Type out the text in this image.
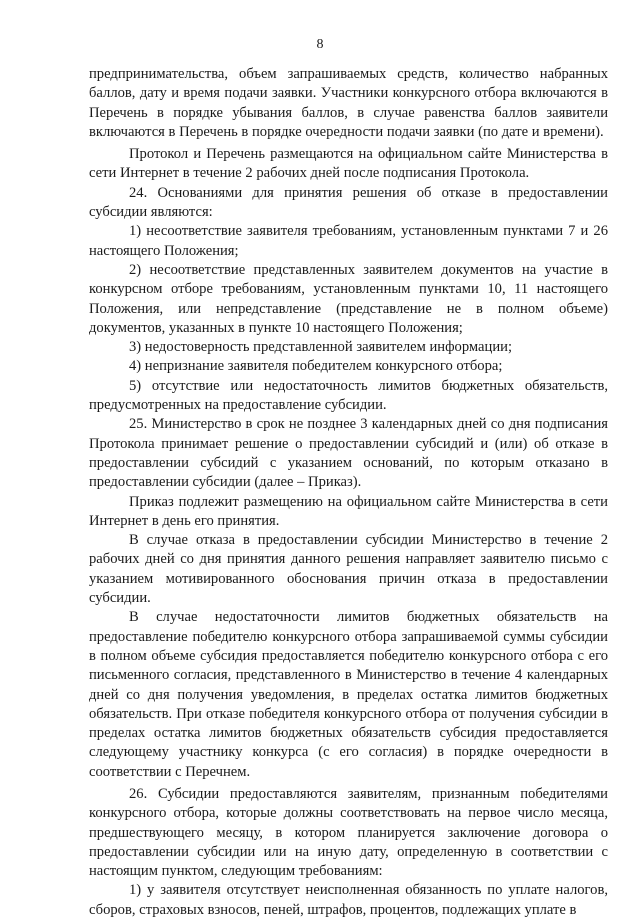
8

предпринимательства, объем запрашиваемых средств, количество набранных баллов, дату и время подачи заявки. Участники конкурсного отбора включаются в Перечень в порядке убывания баллов, в случае равенства баллов заявители включаются в Перечень в порядке очередности подачи заявки (по дате и времени).

Протокол и Перечень размещаются на официальном сайте Министерства в сети Интернет в течение 2 рабочих дней после подписания Протокола.

24. Основаниями для принятия решения об отказе в предоставлении субсидии являются:

1) несоответствие заявителя требованиям, установленным пунктами 7 и 26 настоящего Положения;

2) несоответствие представленных заявителем документов на участие в конкурсном отборе требованиям, установленным пунктами 10, 11 настоящего Положения, или непредставление (представление не в полном объеме) документов, указанных в пункте 10 настоящего Положения;

3) недостоверность представленной заявителем информации;

4) непризнание заявителя победителем конкурсного отбора;

5) отсутствие или недостаточность лимитов бюджетных обязательств, предусмотренных на предоставление субсидии.

25. Министерство в срок не позднее 3 календарных дней со дня подписания Протокола принимает решение о предоставлении субсидий и (или) об отказе в предоставлении субсидий с указанием оснований, по которым отказано в предоставлении субсидии (далее – Приказ).

Приказ подлежит размещению на официальном сайте Министерства в сети Интернет в день его принятия.

В случае отказа в предоставлении субсидии Министерство в течение 2 рабочих дней со дня принятия данного решения направляет заявителю письмо с указанием мотивированного обоснования причин отказа в предоставлении субсидии.

В случае недостаточности лимитов бюджетных обязательств на предоставление победителю конкурсного отбора запрашиваемой суммы субсидии в полном объеме субсидия предоставляется победителю конкурсного отбора с его письменного согласия, представленного в Министерство в течение 4 календарных дней со дня получения уведомления, в пределах остатка лимитов бюджетных обязательств. При отказе победителя конкурсного отбора от получения субсидии в пределах остатка лимитов бюджетных обязательств субсидия предоставляется следующему участнику конкурса (с его согласия) в порядке очередности в соответствии с Перечнем.

26. Субсидии предоставляются заявителям, признанным победителями конкурсного отбора, которые должны соответствовать на первое число месяца, предшествующего месяцу, в котором планируется заключение договора о предоставлении субсидии или на иную дату, определенную в соответствии с настоящим пунктом, следующим требованиям:

1) у заявителя отсутствует неисполненная обязанность по уплате налогов, сборов, страховых взносов, пеней, штрафов, процентов, подлежащих уплате в
